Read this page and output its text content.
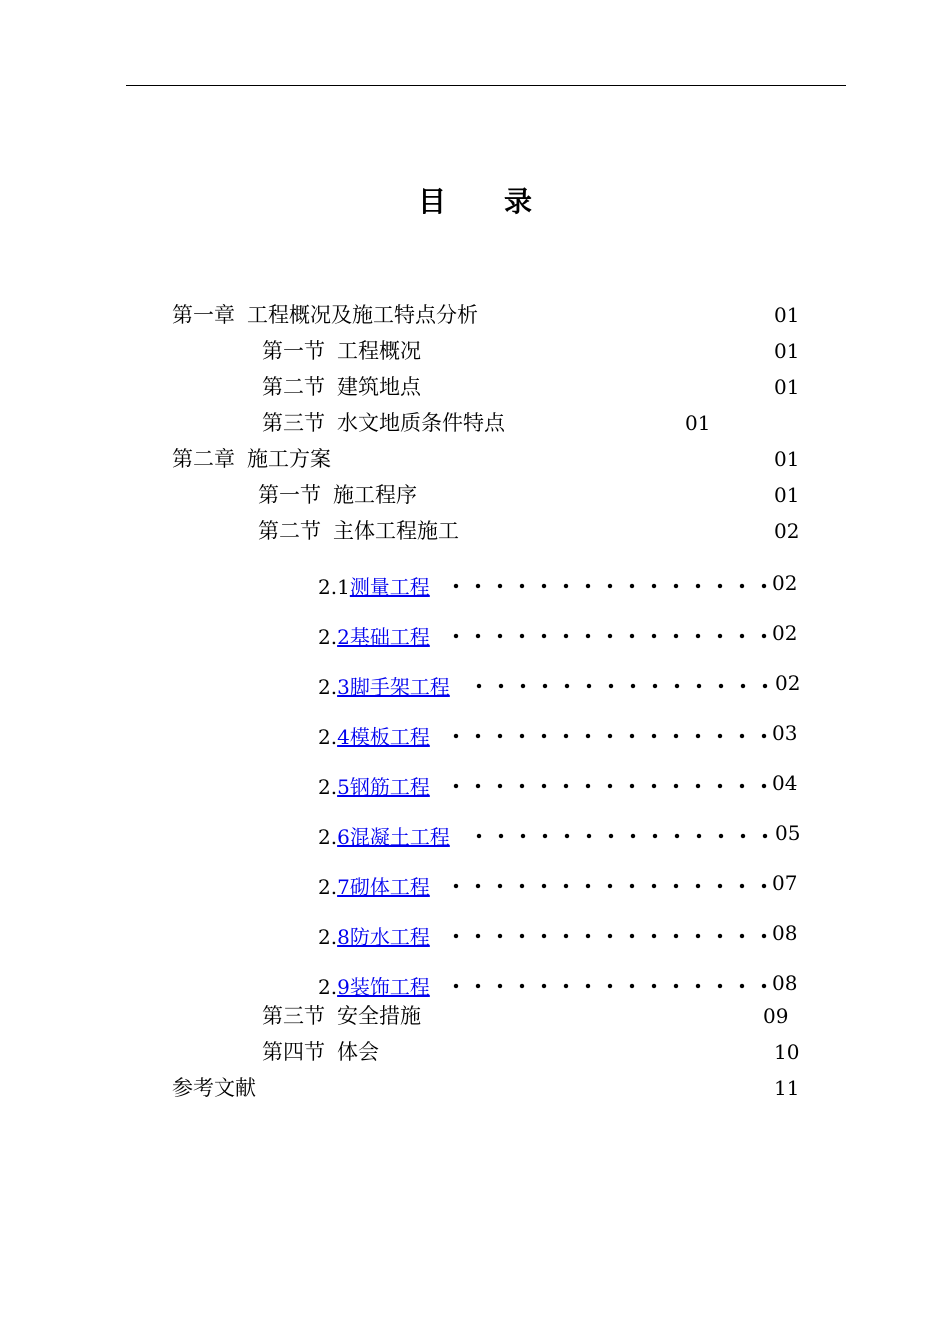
目 录
第一章 工程概况及施工特点分析	01
第一节 工程概况	01
第二节 建筑地点	01
第三节 水文地质条件特点	01
第二章 施工方案	01
第一节 施工程序	01
第二节 主体工程施工	02
2.1测量工程	02
2.2基础工程	02
2.3脚手架工程	02
2.4模板工程	03
2.5钢筋工程	04
2.6混凝土工程	05
2.7砌体工程	07
2.8防水工程	08
2.9装饰工程	08
第三节 安全措施	09
第四节 体会	10
参考文献	11
